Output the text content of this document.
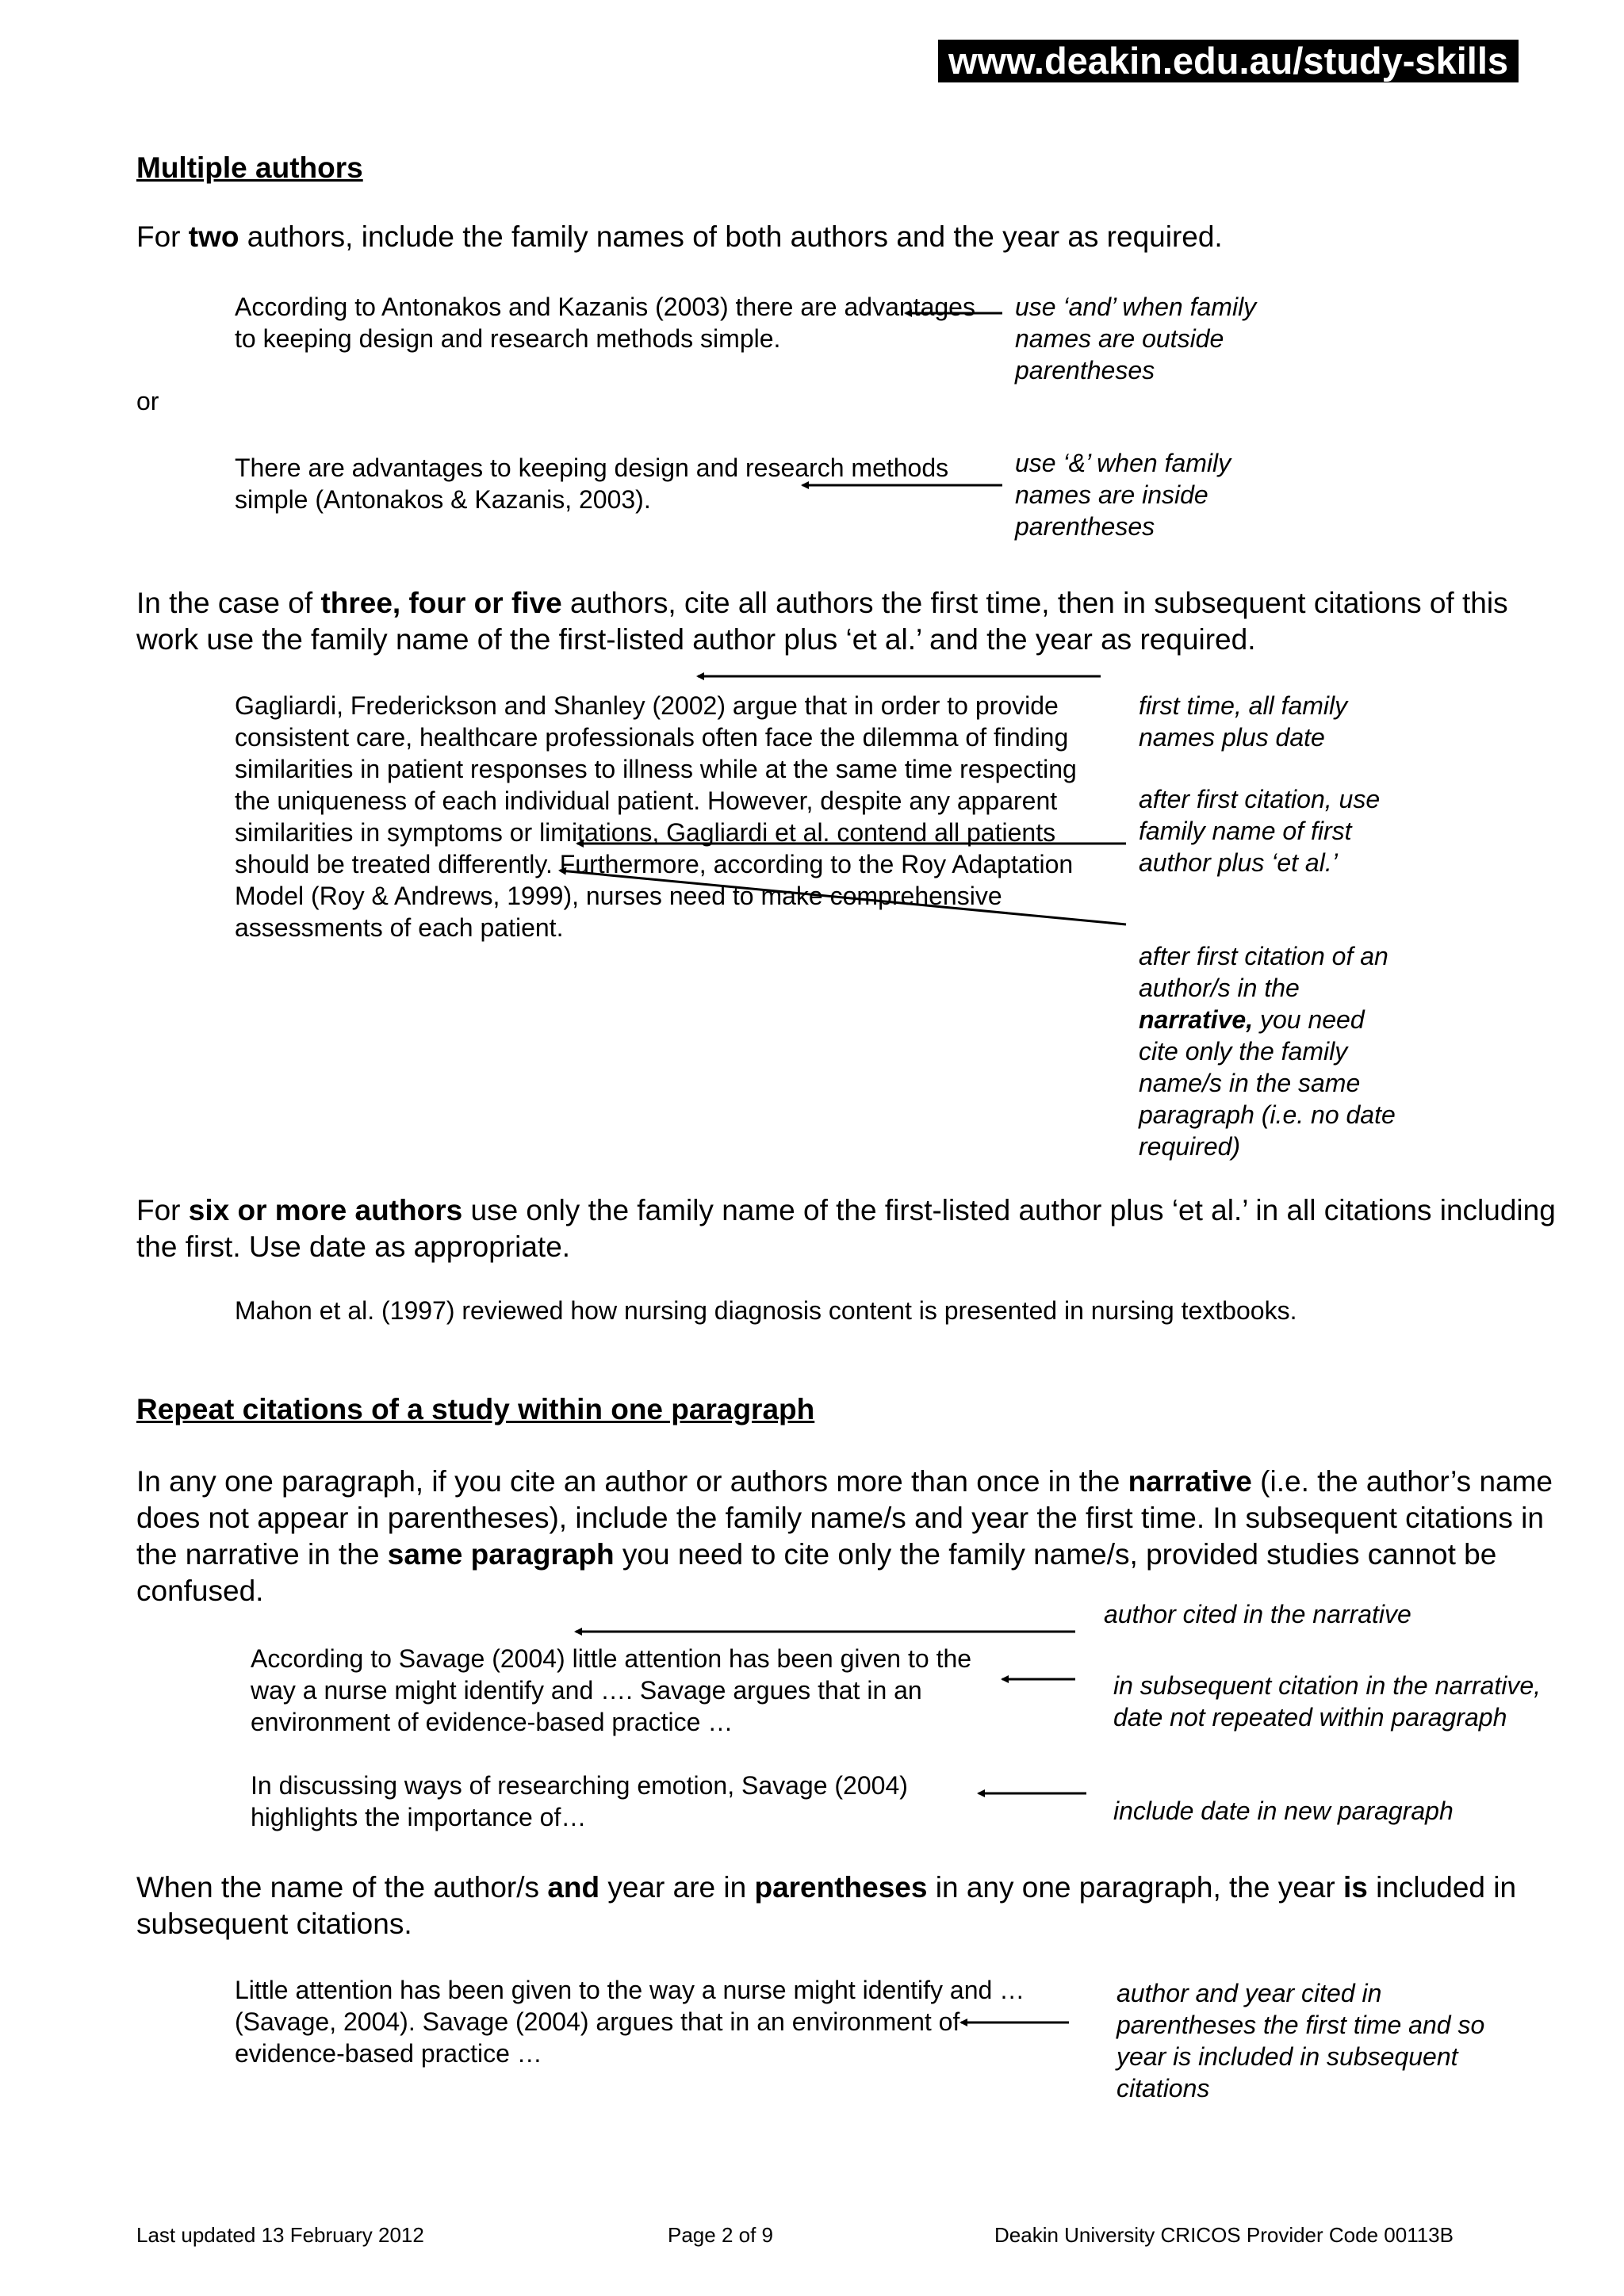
www.deakin.edu.au/study-skills
Multiple authors
For two authors, include the family names of both authors and the year as required.
According to Antonakos and Kazanis (2003) there are advantages to keeping design and research methods simple.
use ‘and’ when family names are outside parentheses
or
There are advantages to keeping design and research methods simple (Antonakos & Kazanis, 2003).
use ‘&’ when family names are inside parentheses
In the case of three, four or five authors, cite all authors the first time, then in subsequent citations of this work use the family name of the first-listed author plus ‘et al.’ and the year as required.
Gagliardi, Frederickson and Shanley (2002) argue that in order to provide consistent care, healthcare professionals often face the dilemma of finding similarities in patient responses to illness while at the same time respecting the uniqueness of each individual patient. However, despite any apparent similarities in symptoms or limitations, Gagliardi et al. contend all patients should be treated differently. Furthermore, according to the Roy Adaptation Model (Roy & Andrews, 1999), nurses need to make comprehensive assessments of each patient.
first time, all family names plus date
after first citation, use family name of first author plus ‘et al.’
after first citation of an author/s in the narrative, you need cite only the family name/s in the same paragraph (i.e. no date required)
For six or more authors use only the family name of the first-listed author plus ‘et al.’ in all citations including the first. Use date as appropriate.
Mahon et al. (1997) reviewed how nursing diagnosis content is presented in nursing textbooks.
Repeat citations of a study within one paragraph
In any one paragraph, if you cite an author or authors more than once in the narrative (i.e. the author’s name does not appear in parentheses), include the family name/s and year the first time. In subsequent citations in the narrative in the same paragraph you need to cite only the family name/s, provided studies cannot be confused.
author cited in the narrative
According to Savage (2004) little attention has been given to the way a nurse might identify and …. Savage argues that in an environment of evidence-based practice …
in subsequent citation in the narrative, date not repeated within paragraph
In discussing ways of researching emotion, Savage (2004) highlights the importance of…	include date in new paragraph
When the name of the author/s and year are in parentheses in any one paragraph, the year is included in subsequent citations.
Little attention has been given to the way a nurse might identify and … (Savage, 2004). Savage (2004) argues that in an environment of evidence-based practice …
author and year cited in parentheses the first time and so year is included in subsequent citations
Last updated 13 February 2012	Page 2 of 9	Deakin University CRICOS Provider Code 00113B
